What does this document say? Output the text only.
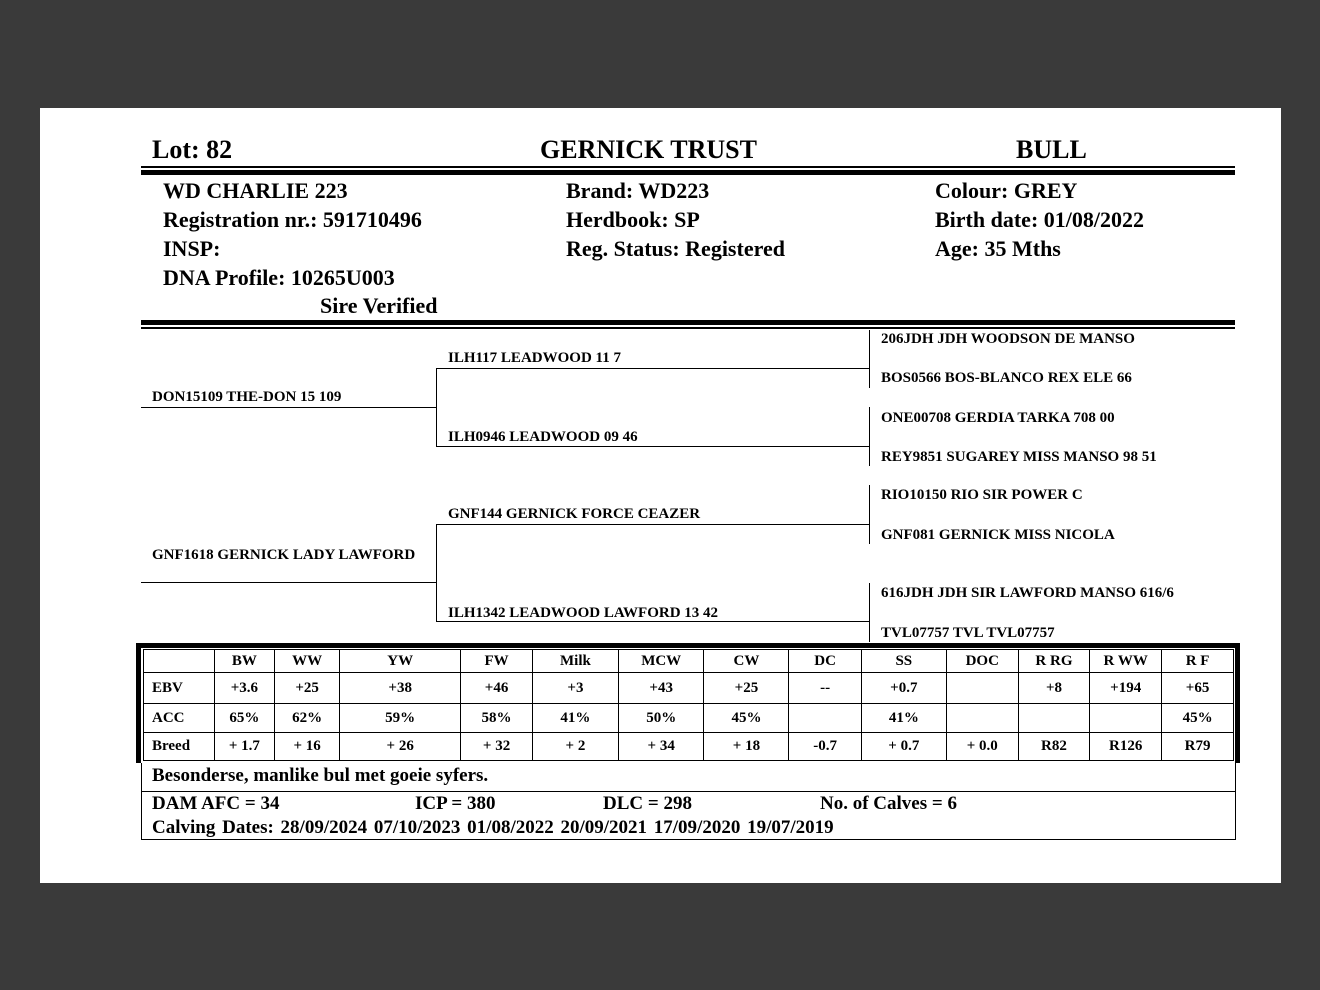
Lot: 82	GERNICK TRUST	BULL
WD CHARLIE 223
Registration nr.: 591710496
INSP:
DNA Profile: 10265U003
Sire Verified
Brand: WD223
Herdbook: SP
Reg. Status: Registered
Colour: GREY
Birth date: 01/08/2022
Age: 35 Mths
DON15109 THE-DON 15 109
GNF1618 GERNICK LADY LAWFORD
ILH117 LEADWOOD 11 7
ILH0946 LEADWOOD 09 46
GNF144 GERNICK FORCE CEAZER
ILH1342 LEADWOOD LAWFORD 13 42
206JDH JDH WOODSON DE MANSO
BOS0566 BOS-BLANCO REX ELE 66
ONE00708 GERDIA TARKA 708 00
REY9851 SUGAREY MISS MANSO 98 51
RIO10150 RIO SIR POWER C
GNF081 GERNICK MISS NICOLA
616JDH JDH SIR LAWFORD MANSO 616/6
TVL07757 TVL TVL07757
	BW	WW	YW	FW	Milk	MCW	CW	DC	SS	DOC	R RG	R WW	R F
EBV	+3.6	+25	+38	+46	+3	+43	+25	--	+0.7		+8	+194	+65
ACC	65%	62%	59%	58%	41%	50%	45%		41%				45%
Breed	+ 1.7	+ 16	+ 26	+ 32	+ 2	+ 34	+ 18	-0.7	+ 0.7	+ 0.0	R82	R126	R79
Besonderse, manlike bul met goeie syfers.
DAM AFC = 34	ICP = 380	DLC = 298	No. of Calves = 6
Calving Dates: 28/09/2024 07/10/2023 01/08/2022 20/09/2021 17/09/2020 19/07/2019
